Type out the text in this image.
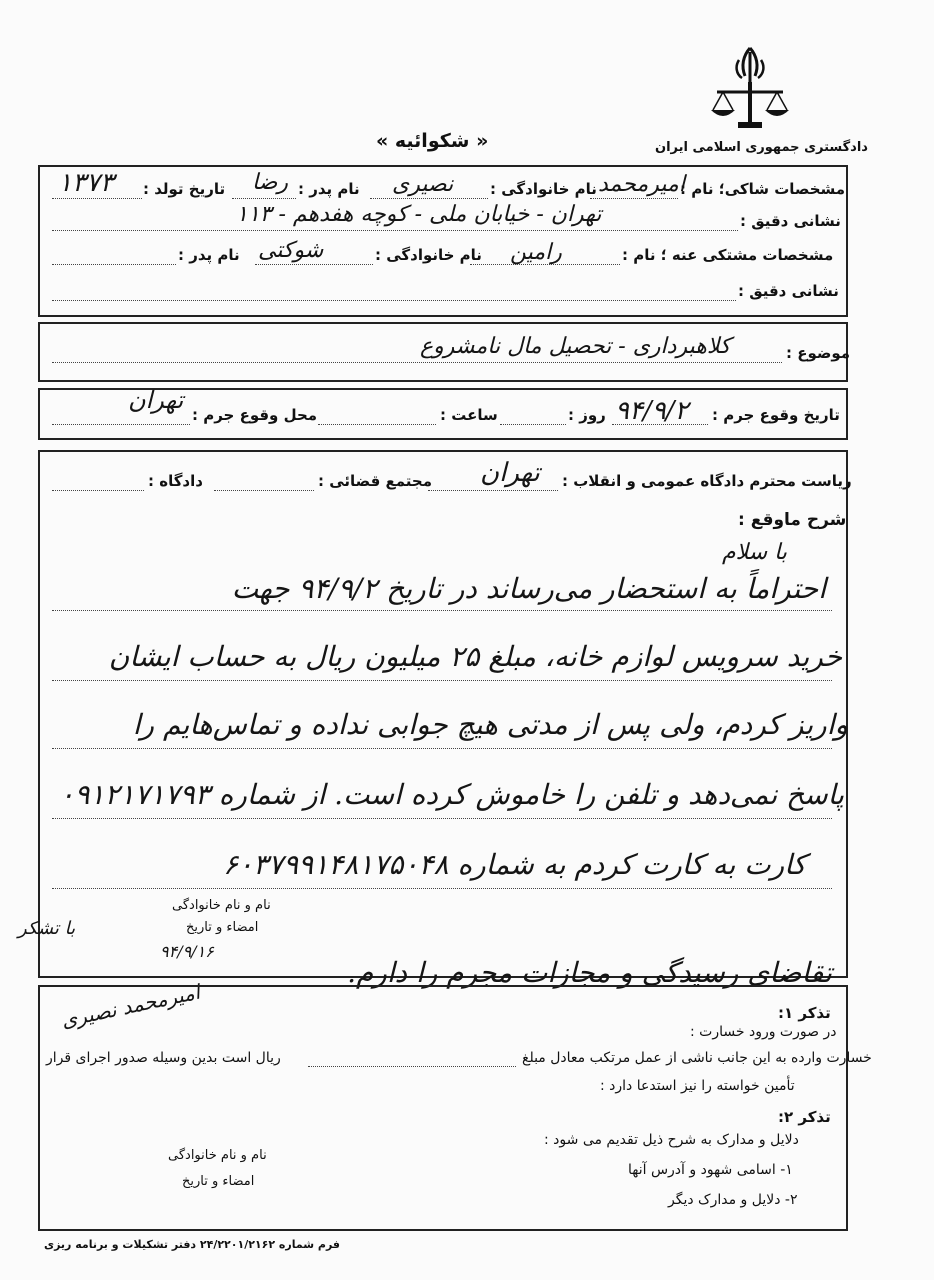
« شکوائیه »	دادگستری جمهوری اسلامی ایران
مشخصات شاکی؛ نام :
امیرمحمد
نام خانوادگی :
نصیری
نام پدر :
رضا
تاریخ تولد :
۱۳۷۳
نشانی دقیق :
تهران - خیابان ملی - کوچه هفدهم - ۱۱۳
مشخصات مشتکی عنه ؛ نام :
رامین
نام خانوادگی :
شوکتی
نام پدر :
نشانی دقیق :
موضوع :
کلاهبرداری - تحصیل مال نامشروع
تاریخ وقوع جرم :
۹۴/۹/۲
روز :
ساعت :
محل وقوع جرم :
تهران
ریاست محترم دادگاه عمومی و انقلاب :
تهران
مجتمع قضائی :
دادگاه :
شرح ماوقع :
با سلام
احتراماً به استحضار می‌رساند در تاریخ ۹۴/۹/۲ جهت
خرید سرویس لوازم خانه، مبلغ ۲۵ میلیون ریال به حساب ایشان
واریز کردم، ولی پس از مدتی هیچ جوابی نداده و تماس‌هایم را
پاسخ نمی‌دهد و تلفن را خاموش کرده است. از شماره ۰۹۱۲۱۷۱۷۹۳
کارت به کارت کردم به شماره ۶۰۳۷۹۹۱۴۸۱۷۵۰۴۸
تقاضای رسیدگی و مجازات مجرم را دارم.
نام و نام خانوادگی
امضاء و تاریخ
۹۴/۹/۱۶
با تشکر
امیرمحمد نصیری	تذکر ۱:
در صورت ورود خسارت :
خسارت وارده به این جانب ناشی از عمل مرتکب معادل مبلغ
ریال است بدین وسیله صدور اجرای قرار
تأمین خواسته را نیز استدعا دارد :
تذکر ۲:
دلایل و مدارک به شرح ذیل تقدیم می شود :
۱- اسامی شهود و آدرس آنها
۲- دلایل و مدارک دیگر
نام و نام خانوادگی
امضاء و تاریخ
فرم شماره ۲۴/۲۲۰۱/۲۱۶۲ دفتر تشکیلات و برنامه ریزی
